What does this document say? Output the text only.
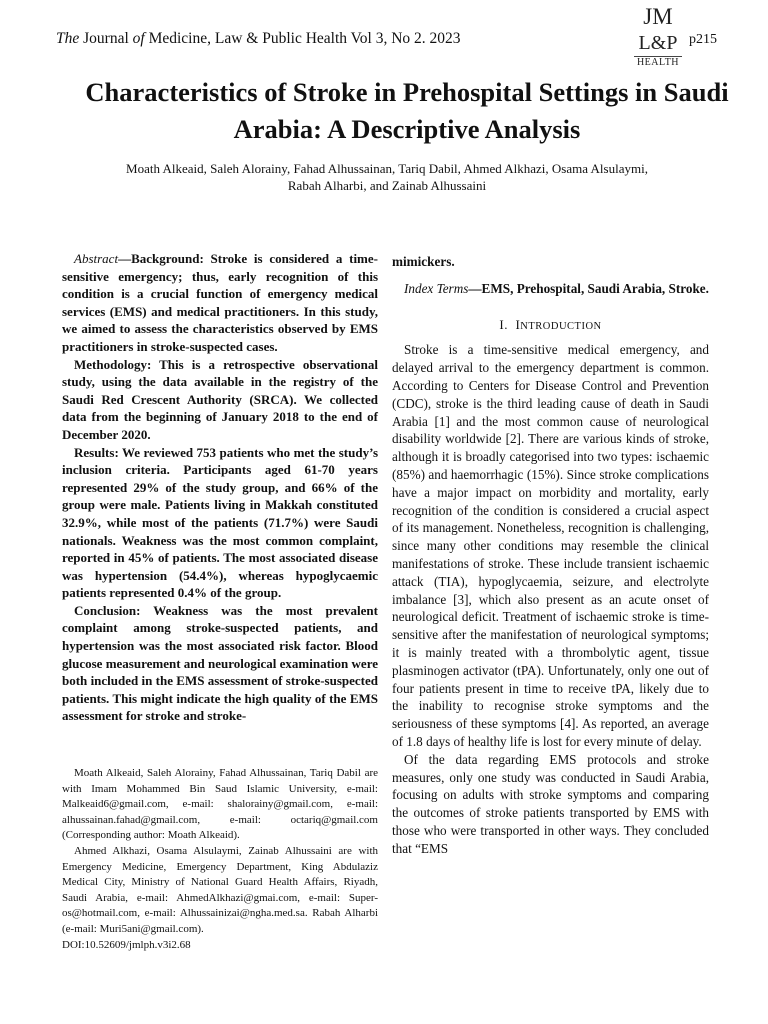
The Journal of Medicine, Law & Public Health Vol 3, No 2. 2023
JM
L&P
HEALTH
p215
Characteristics of Stroke in Prehospital Settings in Saudi Arabia: A Descriptive Analysis
Moath Alkeaid, Saleh Alorainy, Fahad Alhussainan, Tariq Dabil, Ahmed Alkhazi, Osama Alsulaymi,
Rabah Alharbi, and Zainab Alhussaini

Abstract—Background: Stroke is considered a time-sensitive emergency; thus, early recognition of this condition is a crucial function of emergency medical services (EMS) and medical practitioners. In this study, we aimed to assess the characteristics observed by EMS practitioners in stroke-suspected cases.

Methodology: This is a retrospective observational study, using the data available in the registry of the Saudi Red Crescent Authority (SRCA). We collected data from the beginning of January 2018 to the end of December 2020.

Results: We reviewed 753 patients who met the study’s inclusion criteria. Participants aged 61-70 years represented 29% of the study group, and 66% of the group were male. Patients living in Makkah constituted 32.9%, while most of the patients (71.7%) were Saudi nationals. Weakness was the most common complaint, reported in 45% of patients. The most associated disease was hypertension (54.4%), whereas hypoglycaemic patients represented 0.4% of the group.

Conclusion: Weakness was the most prevalent complaint among stroke-suspected patients, and hypertension was the most associated risk factor. Blood glucose measurement and neurological examination were both included in the EMS assessment of stroke-suspected patients. This might indicate the high quality of the EMS assessment for stroke and stroke-

Moath Alkeaid, Saleh Alorainy, Fahad Alhussainan, Tariq Dabil are with Imam Mohammed Bin Saud Islamic University, e-mail: Malkeaid6@gmail.com, e-mail: shalorainy@gmail.com, e-mail: alhussainan.fahad@gmail.com, e-mail: octariq@gmail.com (Corresponding author: Moath Alkeaid).

Ahmed Alkhazi, Osama Alsulaymi, Zainab Alhussaini are with Emergency Medicine, Emergency Department, King Abdulaziz Medical City, Ministry of National Guard Health Affairs, Riyadh, Saudi Arabia, e-mail: AhmedAlkhazi@gmai.com, e-mail: Super-os@hotmail.com, e-mail: Alhussainizai@ngha.med.sa. Rabah Alharbi (e-mail: Muri5ani@gmail.com).

DOI:10.52609/jmlph.v3i2.68

mimickers.

Index Terms—EMS, Prehospital, Saudi Arabia, Stroke.

I. INTRODUCTION

Stroke is a time-sensitive medical emergency, and delayed arrival to the emergency department is common. According to Centers for Disease Control and Prevention (CDC), stroke is the third leading cause of death in Saudi Arabia [1] and the most common cause of neurological disability worldwide [2]. There are various kinds of stroke, although it is broadly categorised into two types: ischaemic (85%) and haemorrhagic (15%). Since stroke complications have a major impact on morbidity and mortality, early recognition of the condition is considered a crucial aspect of its management. Nonetheless, recognition is challenging, since many other conditions may resemble the clinical manifestations of stroke. These include transient ischaemic attack (TIA), hypoglycaemia, seizure, and electrolyte imbalance [3], which also present as an acute onset of neurological deficit. Treatment of ischaemic stroke is time-sensitive after the manifestation of neurological symptoms; it is mainly treated with a thrombolytic agent, tissue plasminogen activator (tPA). Unfortunately, only one out of four patients present in time to receive tPA, likely due to the inability to recognise stroke symptoms and the seriousness of these symptoms [4]. As reported, an average of 1.8 days of healthy life is lost for every minute of delay.

Of the data regarding EMS protocols and stroke measures, only one study was conducted in Saudi Arabia, focusing on adults with stroke symptoms and comparing the outcomes of stroke patients transported by EMS with those who were transported in other ways. They concluded that “EMS
